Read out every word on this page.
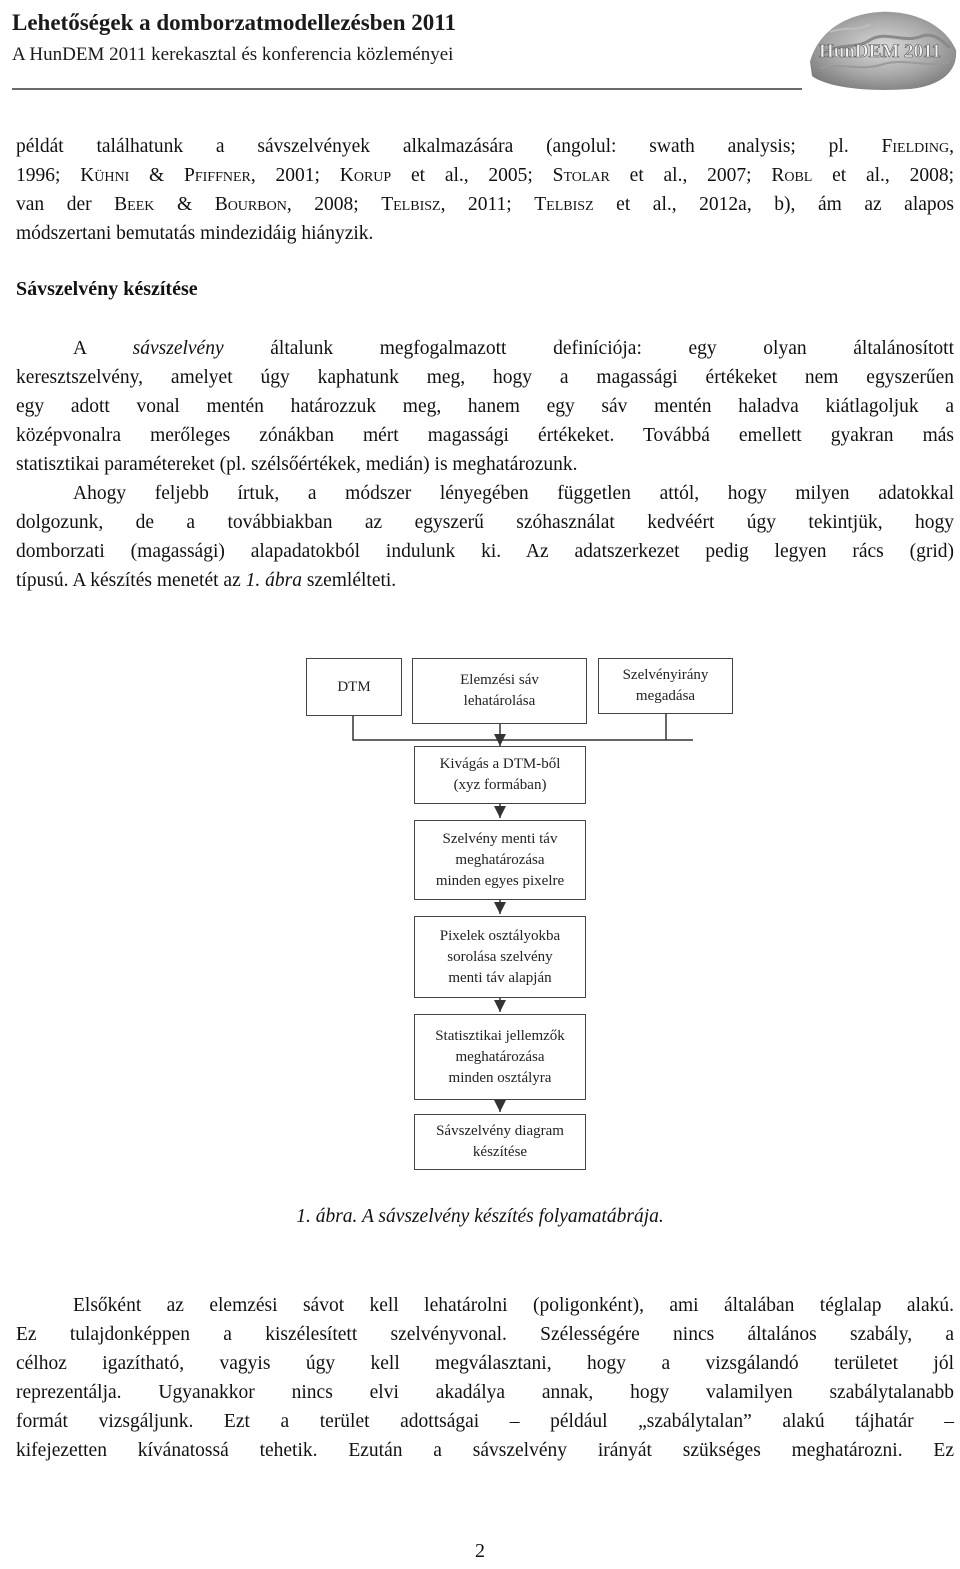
Lehetőségek a domborzatmodellezésben 2011
A HunDEM 2011 kerekasztal és konferencia közleményei	HunDEM 2011
példát találhatunk a sávszelvények alkalmazására (angolul: swath analysis; pl. Fielding,
1996; Kühni & Pfiffner, 2001; Korup et al., 2005; Stolar et al., 2007; Robl et al., 2008;
van der Beek & Bourbon, 2008; Telbisz, 2011; Telbisz et al., 2012a, b), ám az alapos
módszertani bemutatás mindezidáig hiányzik.
Sávszelvény készítése
A sávszelvény általunk megfogalmazott definíciója: egy olyan általánosított
keresztszelvény, amelyet úgy kaphatunk meg, hogy a magassági értékeket nem egyszerűen
egy adott vonal mentén határozzuk meg, hanem egy sáv mentén haladva kiátlagoljuk a
középvonalra merőleges zónákban mért magassági értékeket. Továbbá emellett gyakran más
statisztikai paramétereket (pl. szélsőértékek, medián) is meghatározunk.
Ahogy feljebb írtuk, a módszer lényegében független attól, hogy milyen adatokkal
dolgozunk, de a továbbiakban az egyszerű szóhasználat kedvéért úgy tekintjük, hogy
domborzati (magassági) alapadatokból indulunk ki. Az adatszerkezet pedig legyen rács (grid)
típusú. A készítés menetét az 1. ábra szemlélteti.
DTM	Elemzési sáv
lehatárolása
Szelvényirány
megadása
Kivágás a DTM-ből
(xyz formában)
Szelvény menti táv
meghatározása
minden egyes pixelre
Pixelek osztályokba
sorolása szelvény
menti táv alapján
Statisztikai jellemzők
meghatározása
minden osztályra
Sávszelvény diagram
készítése
1. ábra. A sávszelvény készítés folyamatábrája.
Elsőként az elemzési sávot kell lehatárolni (poligonként), ami általában téglalap alakú.
Ez tulajdonképpen a kiszélesített szelvényvonal. Szélességére nincs általános szabály, a
célhoz igazítható, vagyis úgy kell megválasztani, hogy a vizsgálandó területet jól
reprezentálja. Ugyanakkor nincs elvi akadálya annak, hogy valamilyen szabálytalanabb
formát vizsgáljunk. Ezt a terület adottságai – például „szabálytalan” alakú tájhatár –
kifejezetten kívánatossá tehetik. Ezután a sávszelvény irányát szükséges meghatározni. Ez
2
